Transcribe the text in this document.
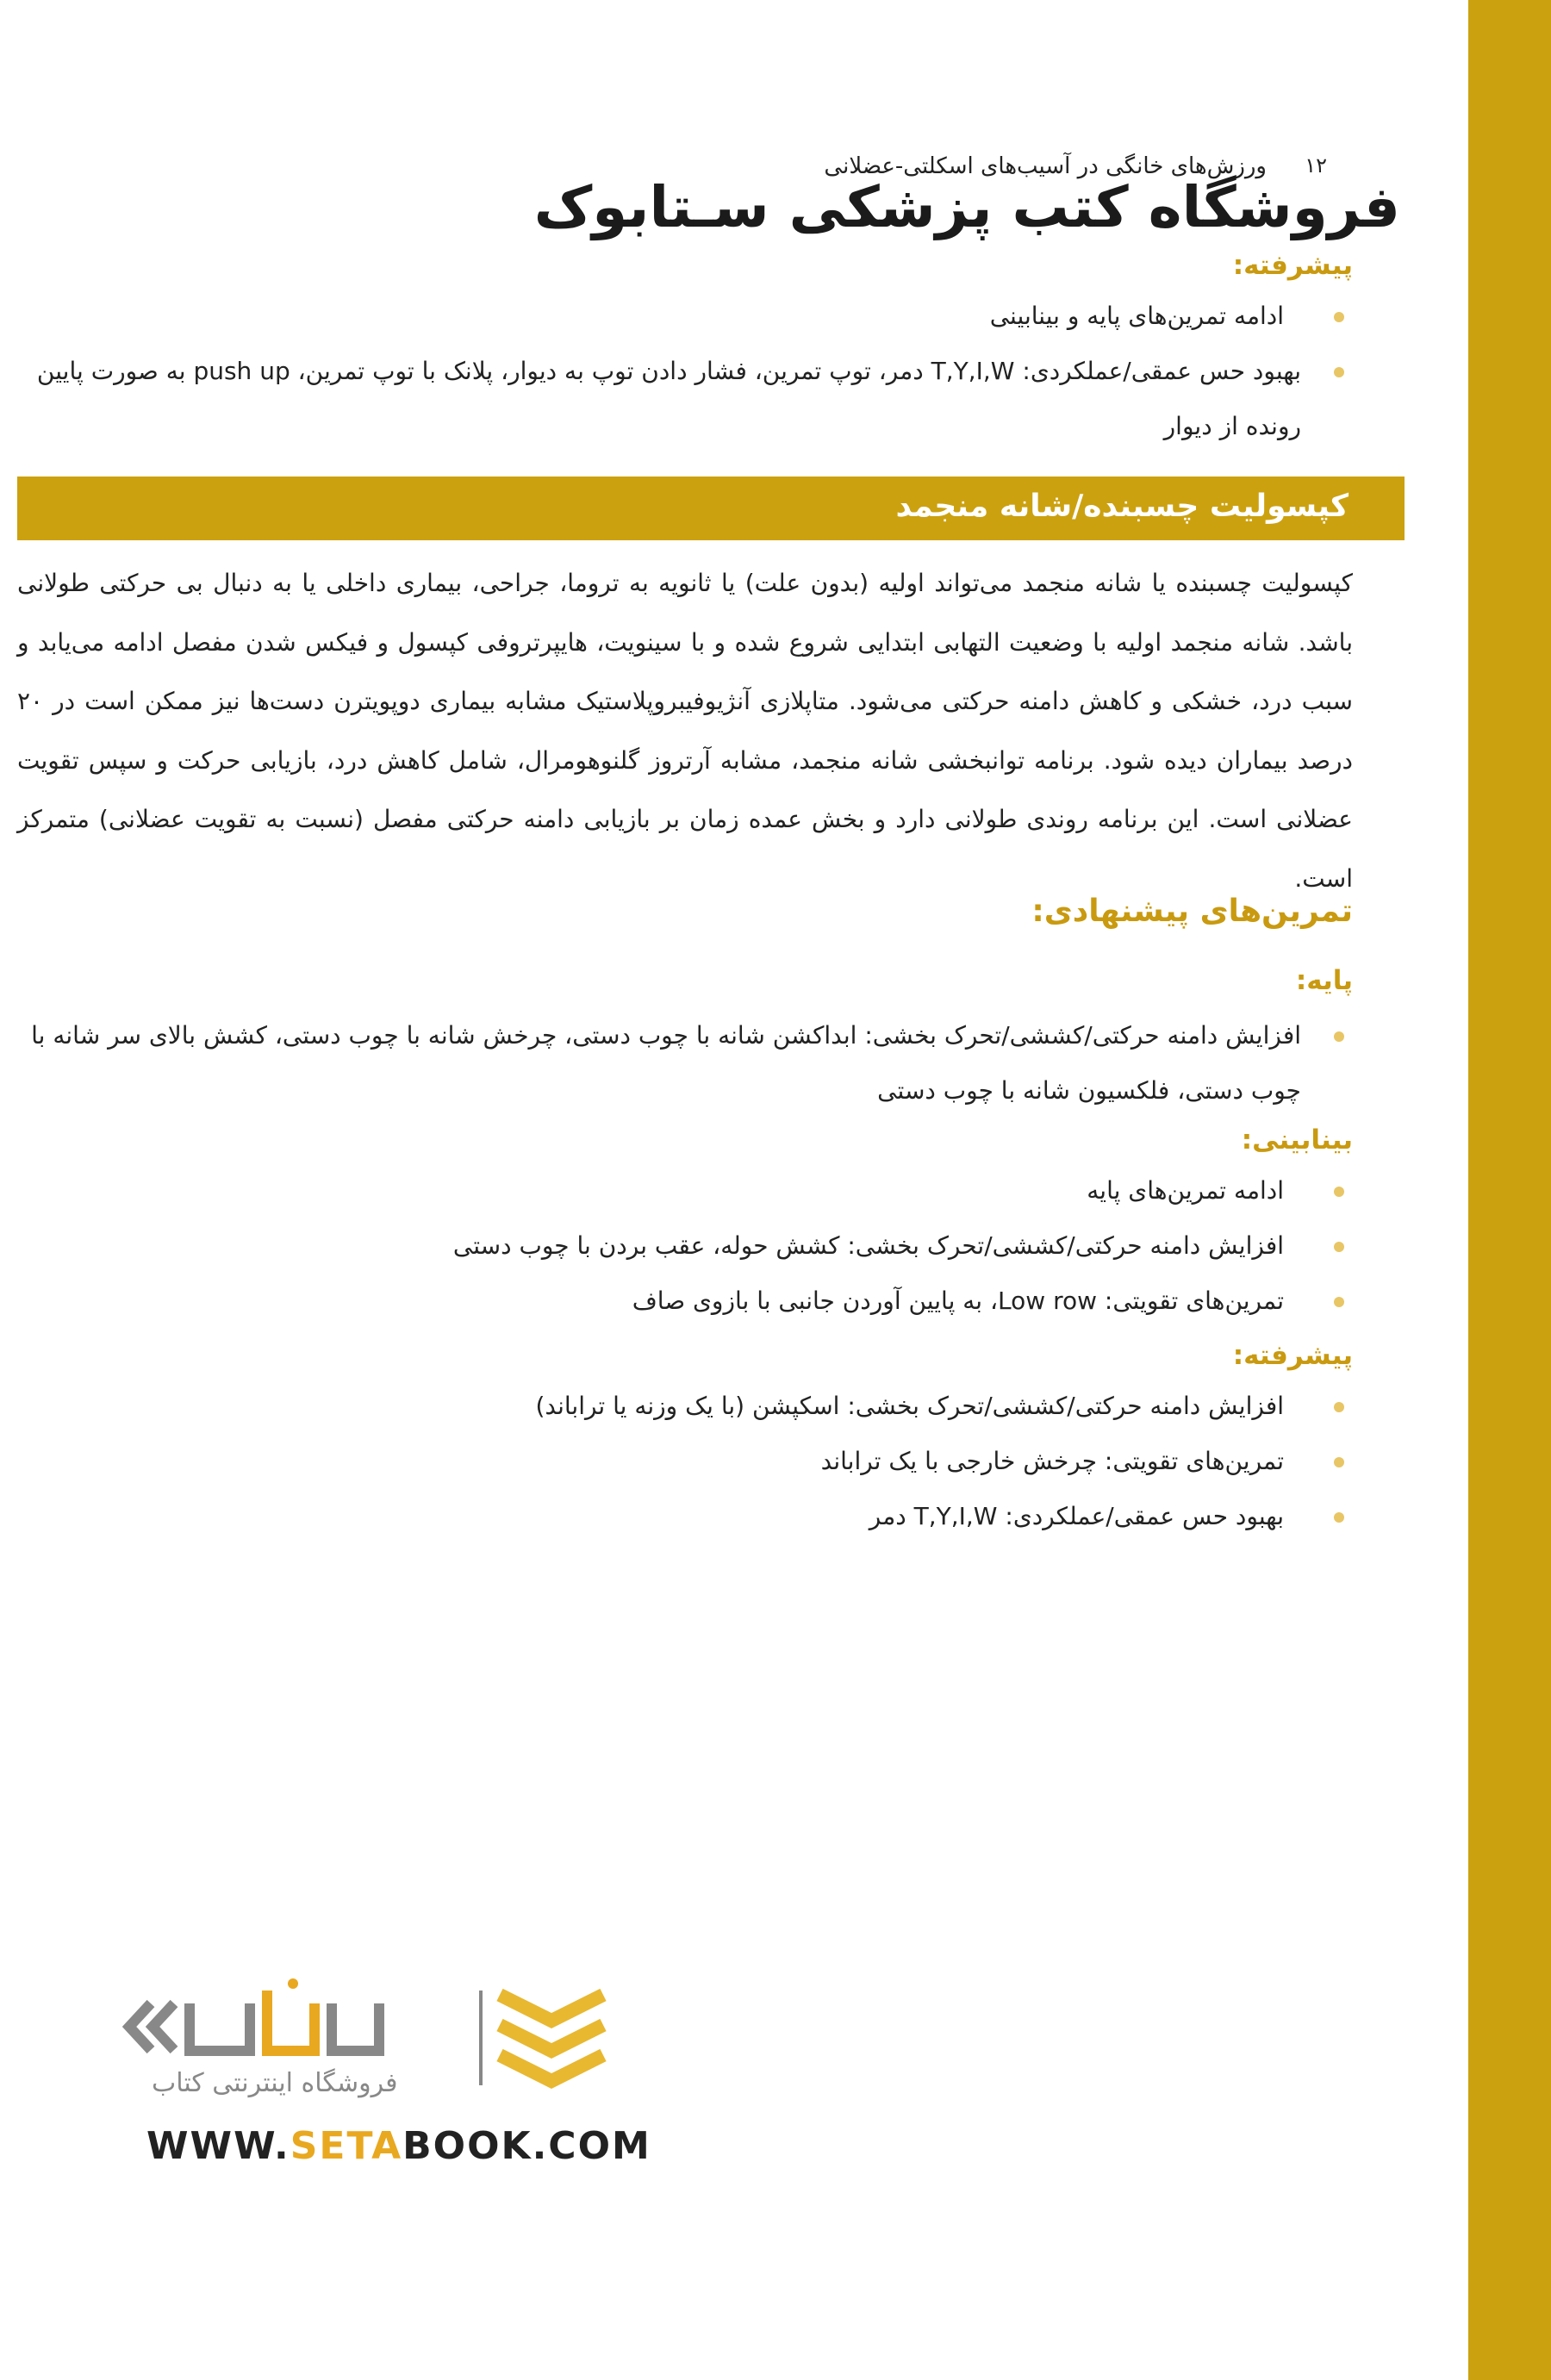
۱۲
ورزش‌های خانگی در آسیب‌های اسکلتی-عضلانی
فروشگاه کتب پزشکی سـتابوک
پیشرفته:
ادامه تمرین‌های پایه و بینابینی
بهبود حس عمقی/عملکردی: T,Y,I,W دمر، توپ تمرین، فشار دادن توپ به دیوار، پلانک با توپ تمرین، push up به صورت پایین رونده از دیوار
کپسولیت چسبنده/شانه منجمد

کپسولیت چسبنده یا شانه منجمد می‌تواند اولیه (بدون علت) یا ثانویه به تروما، جراحی، بیماری داخلی یا به دنبال بی حرکتی طولانی باشد. شانه منجمد اولیه با وضعیت التهابی ابتدایی شروع شده و با سینویت، هایپرتروفی کپسول و فیکس شدن مفصل ادامه می‌یابد و سبب درد، خشکی و کاهش دامنه حرکتی می‌شود. متاپلازی آنژیوفیبروپلاستیک مشابه بیماری دوپویترن دست‌ها نیز ممکن است در ۲۰ درصد بیماران دیده شود. برنامه توانبخشی شانه منجمد، مشابه آرتروز گلنوهومرال، شامل کاهش درد، بازیابی حرکت و سپس تقویت عضلانی است. این برنامه روندی طولانی دارد و بخش عمده زمان بر بازیابی دامنه حرکتی مفصل (نسبت به تقویت عضلانی) متمرکز است.

تمرین‌های پیشنهادی:
پایه:
افزایش دامنه حرکتی/کششی/تحرک بخشی: ابداکشن شانه با چوب دستی، چرخش شانه با چوب دستی، کشش بالای سر شانه با چوب دستی، فلکسیون شانه با چوب دستی
بینابینی:
ادامه تمرین‌های پایه
افزایش دامنه حرکتی/کششی/تحرک بخشی: کشش حوله، عقب بردن با چوب دستی
تمرین‌های تقویتی: Low row، به پایین آوردن جانبی با بازوی صاف
پیشرفته:
افزایش دامنه حرکتی/کششی/تحرک بخشی: اسکپشن (با یک وزنه یا تراباند)
تمرین‌های تقویتی: چرخش خارجی با یک تراباند
بهبود حس عمقی/عملکردی: T,Y,I,W دمر
فروشگاه اینترنتی کتاب
WWW.SETABOOK.COM
